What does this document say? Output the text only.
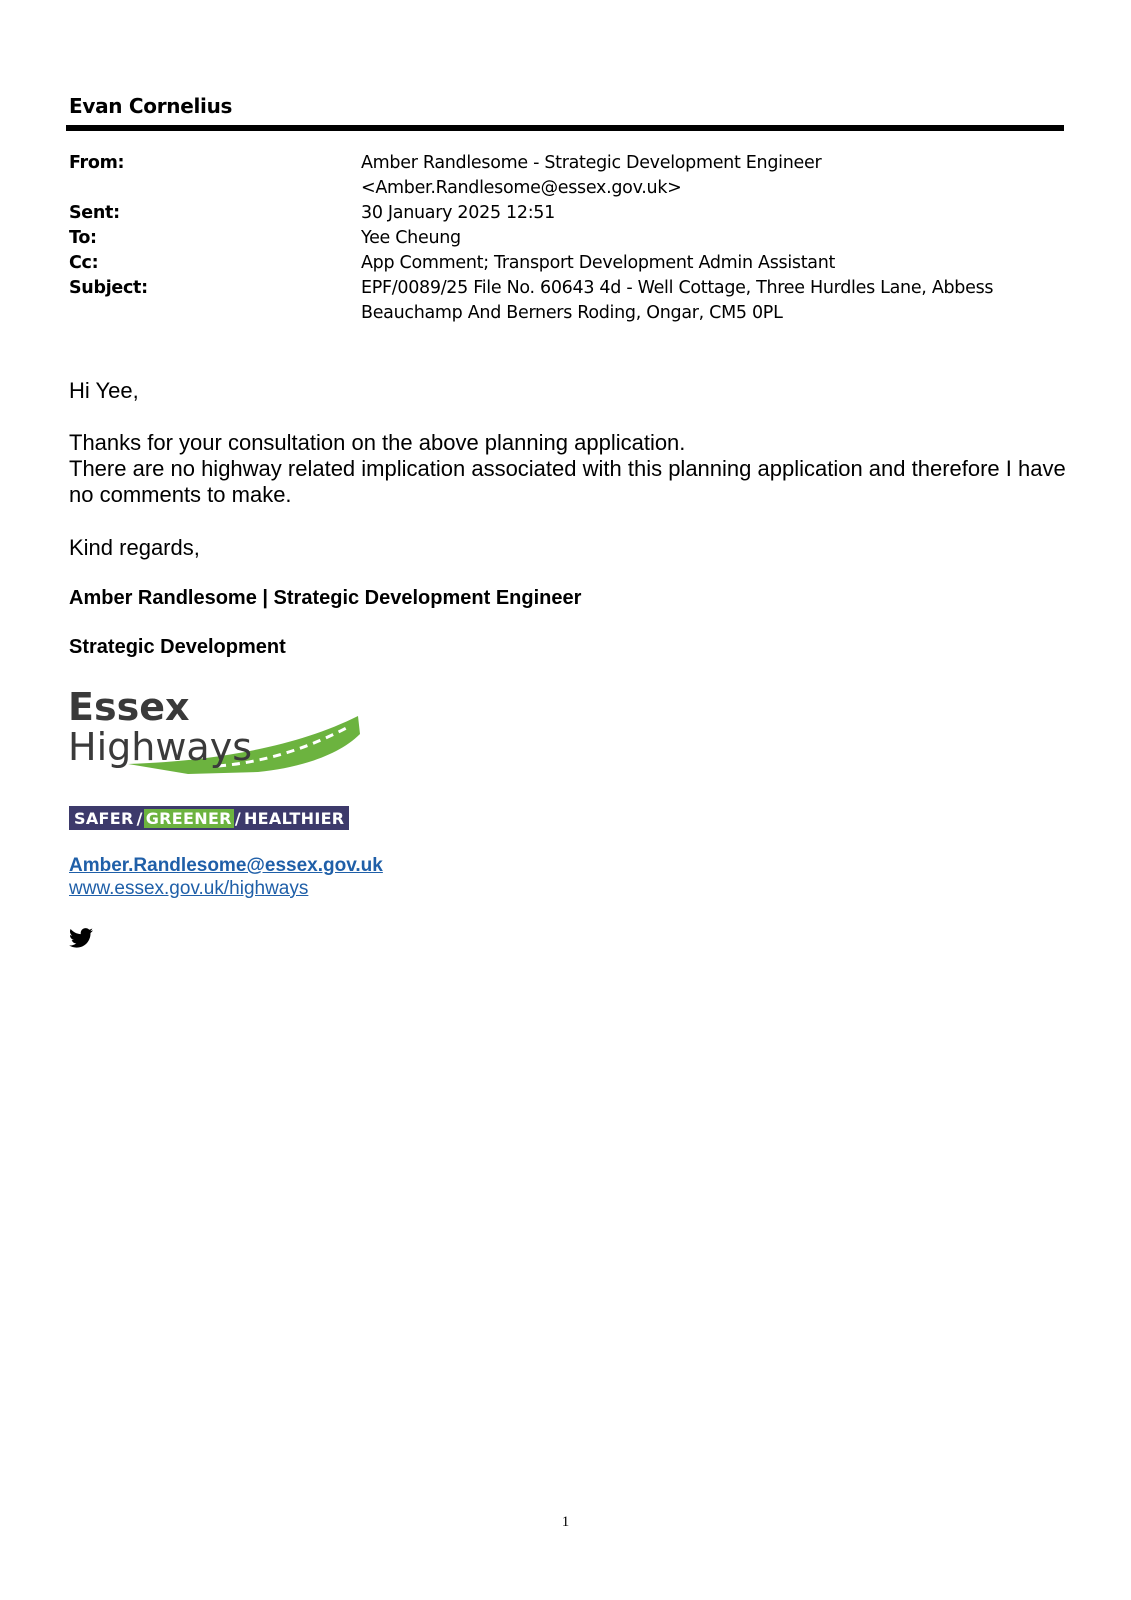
Evan Cornelius
From:	Amber Randlesome - Strategic Development Engineer
<Amber.Randlesome@essex.gov.uk>
Sent:	30 January 2025 12:51
To:	Yee Cheung
Cc:	App Comment; Transport Development Admin Assistant
Subject:	EPF/0089/25 File No. 60643 4d - Well Cottage, Three Hurdles Lane, Abbess
Beauchamp And Berners Roding, Ongar, CM5 0PL
Hi Yee,

Thanks for your consultation on the above planning application.

There are no highway related implication associated with this planning application and therefore I have no comments to make.

Kind regards,
Amber Randlesome | Strategic Development Engineer
Strategic Development
Essex
Highways
SAFER / GREENER / HEALTHIER
Amber.Randlesome@essex.gov.uk
www.essex.gov.uk/highways
1
